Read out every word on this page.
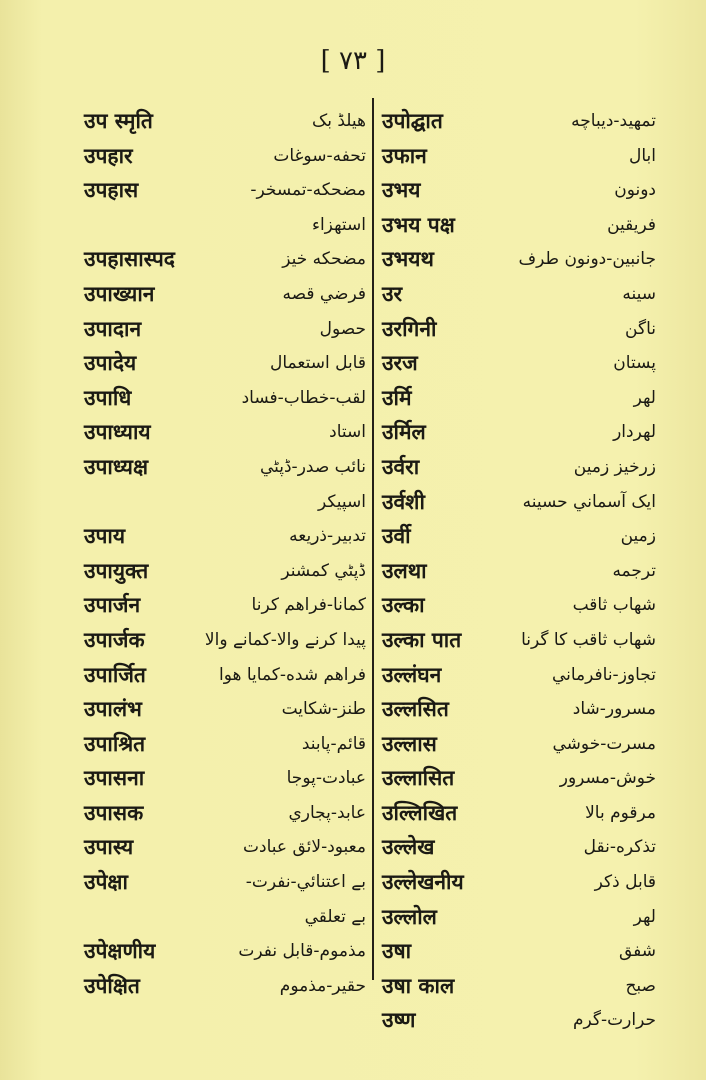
[ ٧٣ ]
उप स्मृति	هيلڈ بک
उपहार	تحفه-سوغات
उपहास	مضحكه-تمسخر-
استهزاء
उपहासास्पद	مضحكه خيز
उपाख्यान	فرضي قصه
उपादान	حصول
उपादेय	قابل استعمال
उपाधि	لقب-خطاب-فساد
उपाध्याय	استاد
उपाध्यक्ष	نائب صدر-ڈپٹي
اسپيکر
उपाय	تدبير-ذريعه
उपायुक्त	ڈپٹي کمشنر
उपार्जन	کمانا-فراهم کرنا
उपार्जक	پيدا کرنے والا-کمانے والا
उपार्जित	فراهم شده-کمايا هوا
उपालंभ	طنز-شکايت
उपाश्रित	قائم-پابند
उपासना	عبادت-پوجا
उपासक	عابد-پجاري
उपास्य	معبود-لائق عبادت
उपेक्षा	بے اعتنائي-نفرت-
بے تعلقي
उपेक्षणीय	مذموم-قابل نفرت
उपेक्षित	حقير-مذموم
उपोद्घात	تمهيد-ديباچه
उफान	ابال
उभय	دونون
उभय पक्ष	فريقين
उभयथ	جانبين-دونون طرف
उर	سينه
उरगिनी	ناگن
उरज	پستان
उर्मि	لهر
उर्मिल	لهردار
उर्वरा	زرخيز زمين
उर्वशी	ايک آسماني حسينه
उर्वी	زمين
उलथा	ترجمه
उल्का	شهاب ثاقب
उल्का पात	شهاب ثاقب کا گرنا
उल्लंघन	تجاوز-نافرماني
उल्लसित	مسرور-شاد
उल्लास	مسرت-خوشي
उल्लासित	خوش-مسرور
उल्लिखित	مرقوم بالا
उल्लेख	تذکره-نقل
उल्लेखनीय	قابل ذکر
उल्लोल	لهر
उषा	شفق
उषा काल	صبح
उष्ण	حرارت-گرم
